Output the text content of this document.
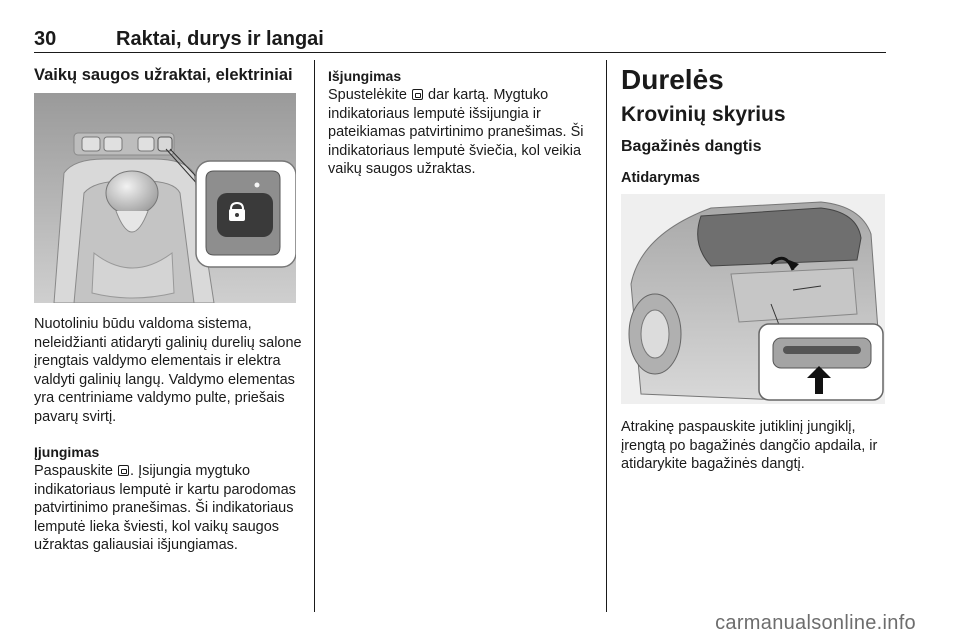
30	Raktai, durys ir langai
Vaikų saugos užraktai, elektriniai

Nuotoliniu būdu valdoma sistema, neleidžianti atidaryti galinių durelių salone įrengtais valdymo elementais ir elektra valdyti galinių langų. Valdymo elementas yra centriniame valdymo pulte, priešais pavarų svirtį.

Įjungimas

Paspauskite . Įsijungia mygtuko indikatoriaus lemputė ir kartu parodomas patvirtinimo pranešimas. Ši indikatoriaus lemputė lieka šviesti, kol vaikų saugos užraktas galiausiai išjungiamas.

Išjungimas

Spustelėkite  dar kartą. Mygtuko indikatoriaus lemputė išsijungia ir pateikiamas patvirtinimo pranešimas. Ši indikatoriaus lemputė šviečia, kol veikia vaikų saugos užraktas.

Durelės
Krovinių skyrius
Bagažinės dangtis
Atidarymas

Atrakinę paspauskite jutiklinį jungiklį, įrengtą po bagažinės dangčio apdaila, ir atidarykite bagažinės dangtį.

carmanualsonline.info
